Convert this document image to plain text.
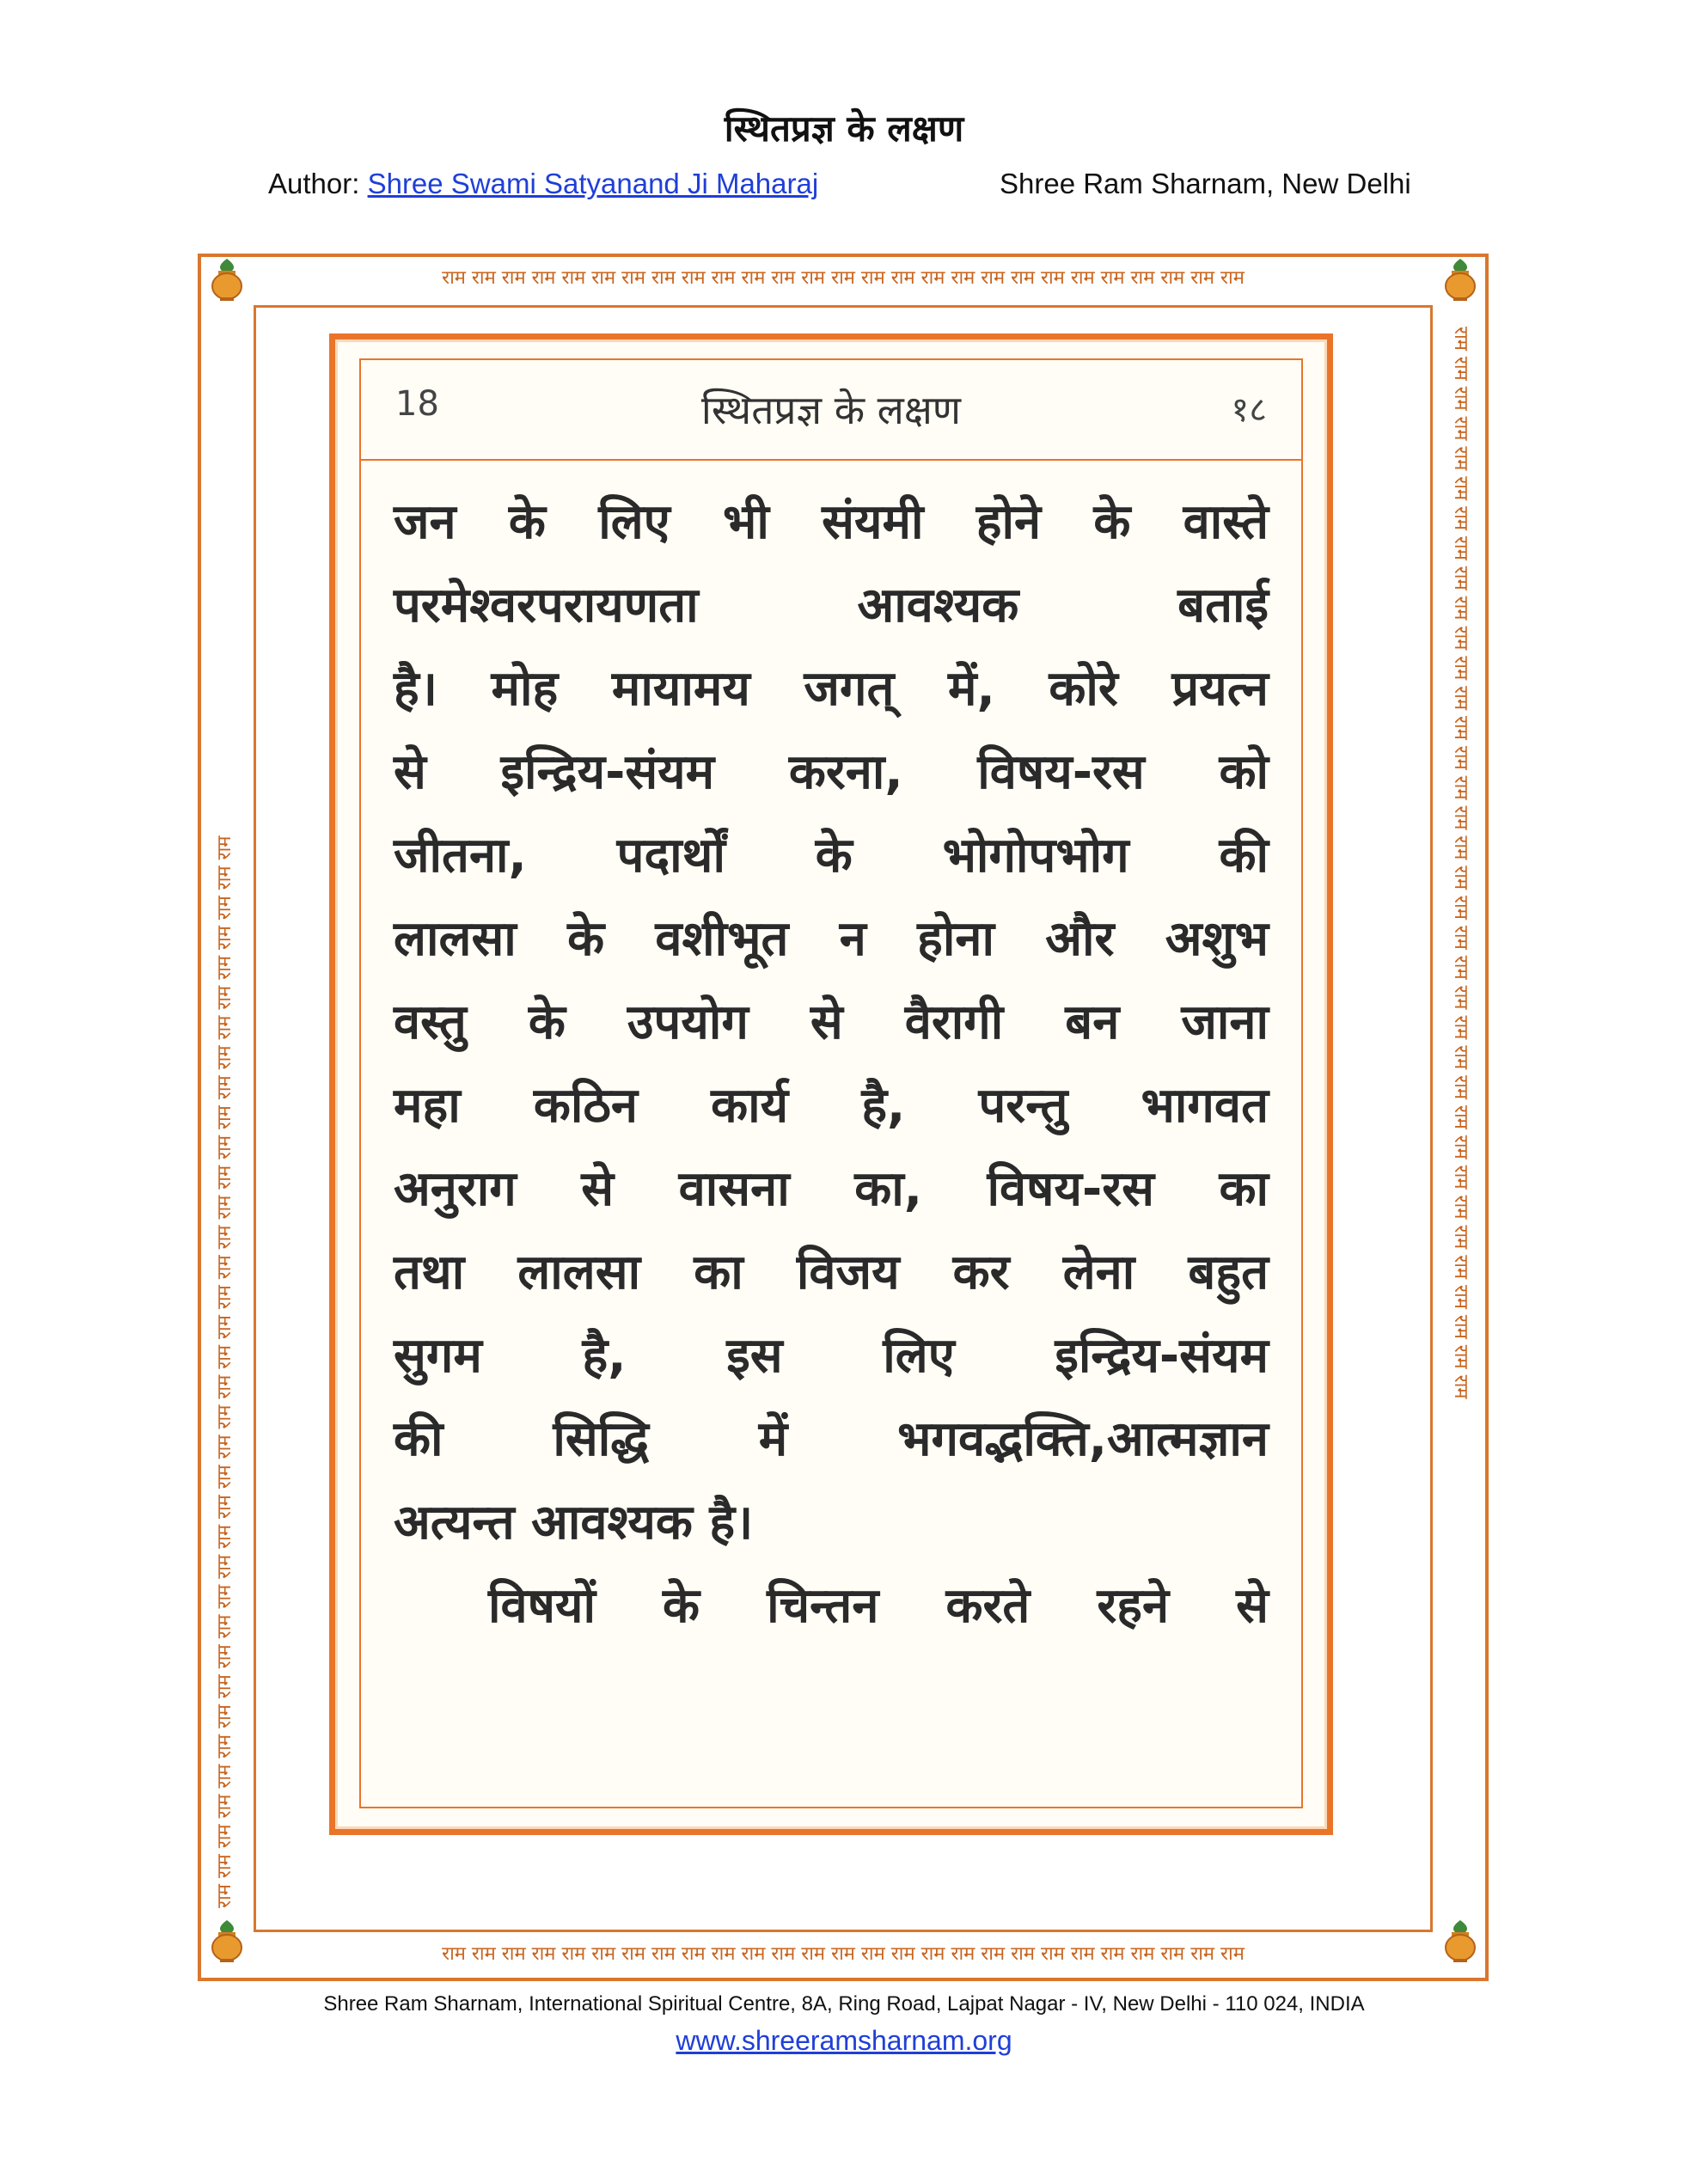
स्थितप्रज्ञ के लक्षण
Author: Shree Swami Satyanand Ji Maharaj	Shree Ram Sharnam, New Delhi
राम राम राम राम राम राम राम राम राम राम राम राम राम राम राम राम राम राम राम राम राम राम राम राम राम राम राम
राम राम राम राम राम राम राम राम राम राम राम राम राम राम राम राम राम राम राम राम राम राम राम राम राम राम राम
राम राम राम राम राम राम राम राम राम राम राम राम राम राम राम राम राम राम राम राम राम राम राम राम राम राम राम राम राम राम राम राम राम राम राम राम	राम राम राम राम राम राम राम राम राम राम राम राम राम राम राम राम राम राम राम राम राम राम राम राम राम राम राम राम राम राम राम राम राम राम राम राम
18	स्थितप्रज्ञ के लक्षण	१८
जन के लिए भी संयमी होने के वास्ते
परमेश्वरपरायणता आवश्यक बताई
है। मोह मायामय जगत् में, कोरे प्रयत्न
से इन्द्रिय-संयम करना, विषय-रस को
जीतना, पदार्थों के भोगोपभोग की
लालसा के वशीभूत न होना और अशुभ
वस्तु के उपयोग से वैरागी बन जाना
महा कठिन कार्य है, परन्तु भागवत
अनुराग से वासना का, विषय-रस का
तथा लालसा का विजय कर लेना बहुत
सुगम है, इस लिए इन्द्रिय-संयम
की सिद्धि में भगवद्भक्ति,आत्मज्ञान
अत्यन्त आवश्यक है।
विषयों के चिन्तन करते रहने से
Shree Ram Sharnam, International Spiritual Centre, 8A, Ring Road, Lajpat Nagar - IV, New Delhi - 110 024, INDIA
www.shreeramsharnam.org
